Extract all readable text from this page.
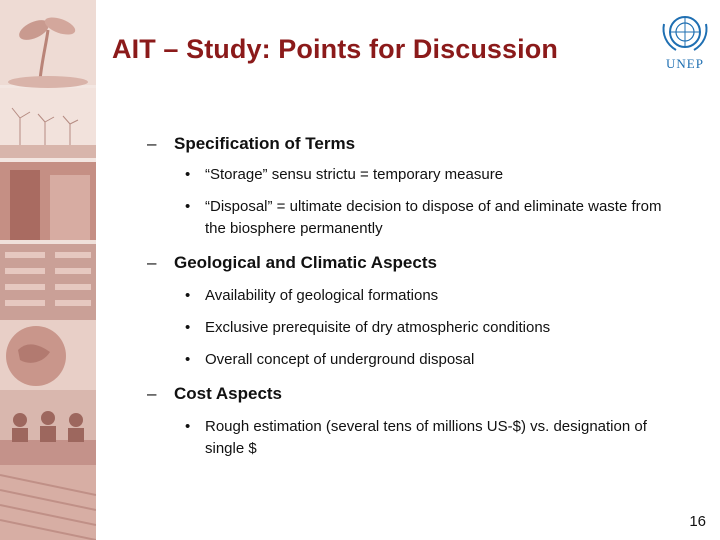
AIT – Study: Points for Discussion	UNEP
– Specification of Terms
• “Storage” sensu strictu = temporary measure
• “Disposal” = ultimate decision to dispose of and eliminate waste from the biosphere permanently
– Geological and Climatic Aspects
• Availability of geological formations
• Exclusive prerequisite of dry atmospheric conditions
• Overall concept of underground disposal
– Cost Aspects
• Rough estimation (several tens of millions US-$) vs. designation of single $
16
